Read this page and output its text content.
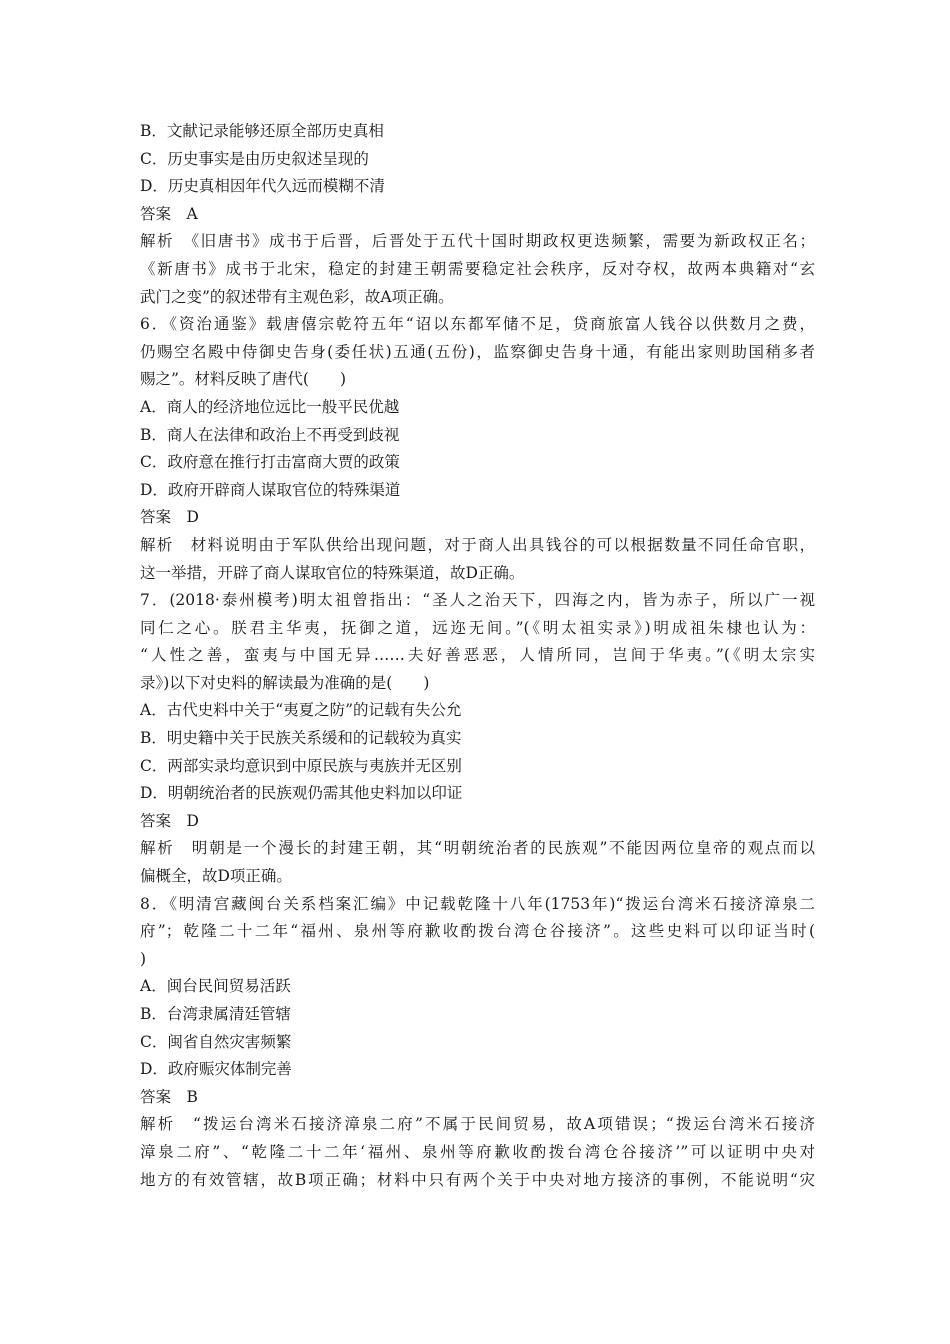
B．文献记录能够还原全部历史真相
C．历史事实是由历史叙述呈现的
D．历史真相因年代久远而模糊不清
答案　A
解析　《旧唐书》成书于后晋，后晋处于五代十国时期政权更迭频繁，需要为新政权正名；
《新唐书》成书于北宋，稳定的封建王朝需要稳定社会秩序，反对夺权，故两本典籍对“玄
武门之变”的叙述带有主观色彩，故A项正确。
6．《资治通鉴》载唐僖宗乾符五年“诏以东都军储不足，贷商旅富人钱谷以供数月之费，
仍赐空名殿中侍御史告身(委任状)五通(五份)，监察御史告身十通，有能出家则助国稍多者
赐之”。材料反映了唐代(　　)
A．商人的经济地位远比一般平民优越
B．商人在法律和政治上不再受到歧视
C．政府意在推行打击富商大贾的政策
D．政府开辟商人谋取官位的特殊渠道
答案　D
解析　材料说明由于军队供给出现问题，对于商人出具钱谷的可以根据数量不同任命官职，
这一举措，开辟了商人谋取官位的特殊渠道，故D正确。
7．(2018·泰州模考)明太祖曾指出：“圣人之治天下，四海之内，皆为赤子，所以广一视
同仁之心。朕君主华夷，抚御之道，远迩无间。”(《明太祖实录》)明成祖朱棣也认为：
“人性之善，蛮夷与中国无异……夫好善恶恶，人情所同，岂间于华夷。”(《明太宗实
录》)以下对史料的解读最为准确的是(　　)
A．古代史料中关于“夷夏之防”的记载有失公允
B．明史籍中关于民族关系缓和的记载较为真实
C．两部实录均意识到中原民族与夷族并无区别
D．明朝统治者的民族观仍需其他史料加以印证
答案　D
解析　明朝是一个漫长的封建王朝，其“明朝统治者的民族观”不能因两位皇帝的观点而以
偏概全，故D项正确。
8．《明清宫藏闽台关系档案汇编》中记载乾隆十八年(1753年)“拨运台湾米石接济漳泉二
府”；乾隆二十二年“福州、泉州等府歉收酌拨台湾仓谷接济”。这些史料可以印证当时(
)
A．闽台民间贸易活跃
B．台湾隶属清廷管辖
C．闽省自然灾害频繁
D．政府赈灾体制完善
答案　B
解析　“拨运台湾米石接济漳泉二府”不属于民间贸易，故A项错误；“拨运台湾米石接济
漳泉二府”、“乾隆二十二年‘福州、泉州等府歉收酌拨台湾仓谷接济’”可以证明中央对
地方的有效管辖，故B项正确；材料中只有两个关于中央对地方接济的事例，不能说明“灾
